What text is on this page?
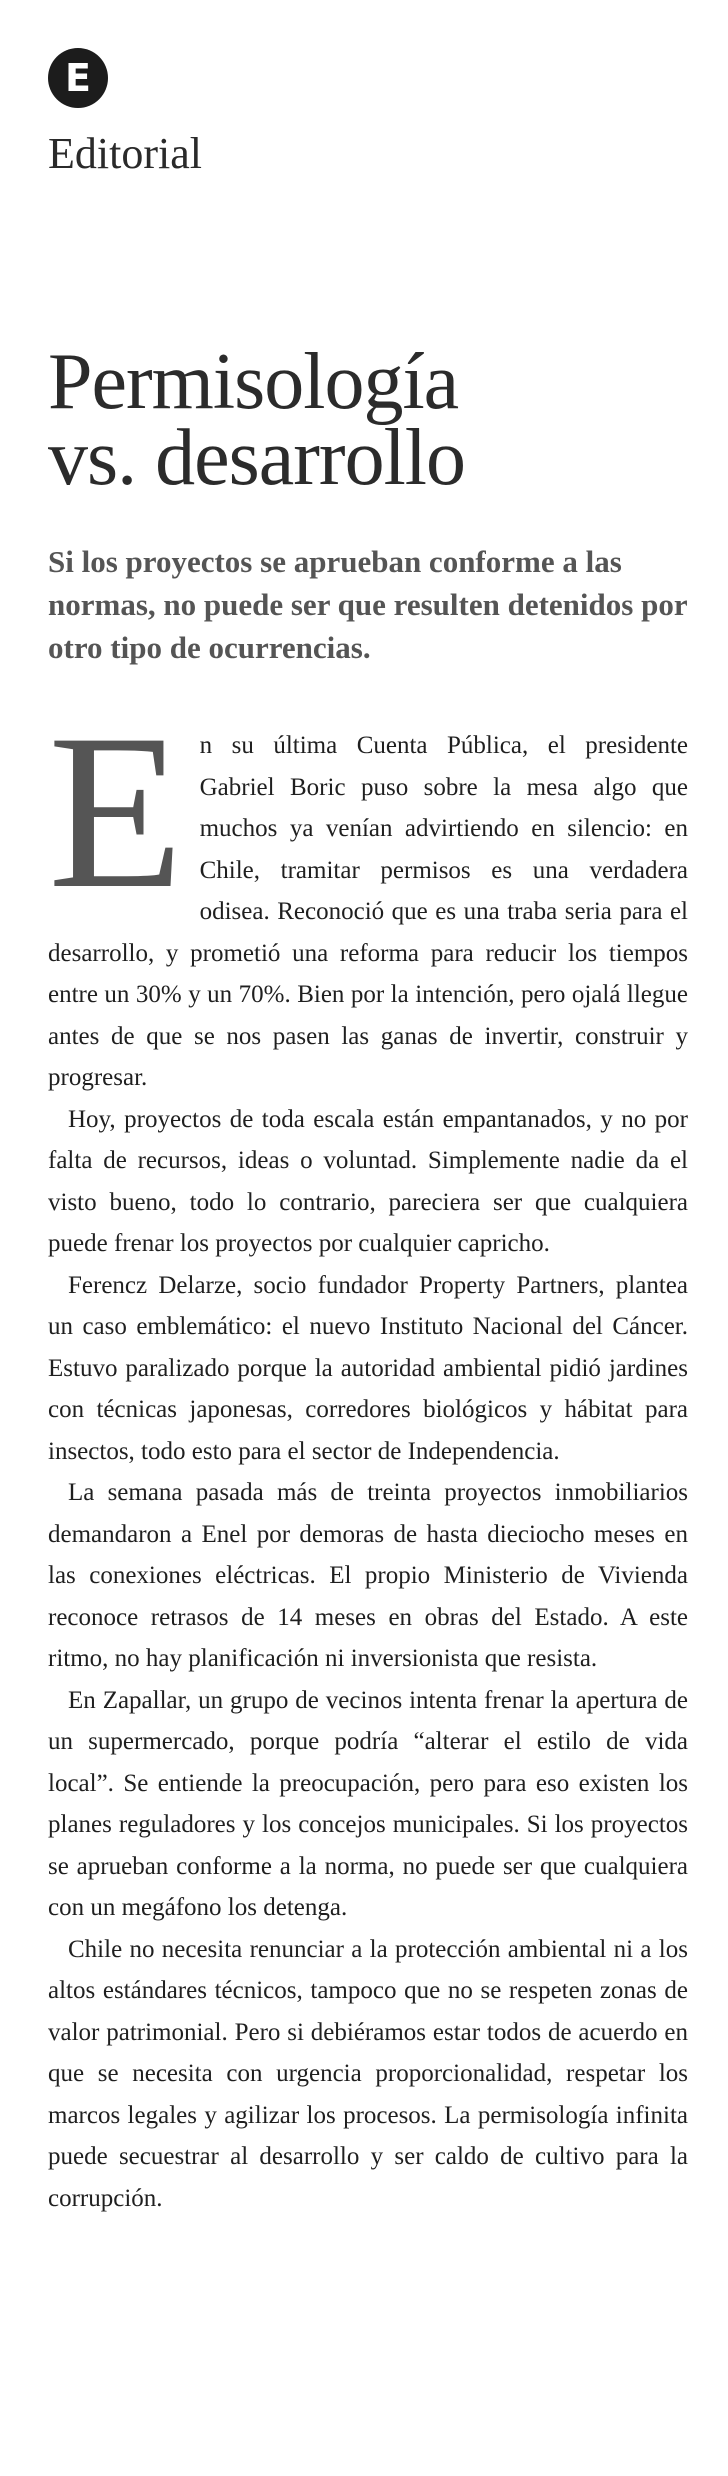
E
Editorial
Permisología
vs. desarrollo
Si los proyectos se aprueban conforme a las normas, no puede ser que resulten detenidos por otro tipo de ocurrencias.

En su última Cuenta Pública, el presidente Gabriel Boric puso sobre la mesa algo que muchos ya venían advirtiendo en silencio: en Chile, tramitar permisos es una verdadera odisea. Reconoció que es una traba seria para el desarrollo, y prometió una reforma para reducir los tiempos entre un 30% y un 70%. Bien por la intención, pero ojalá llegue antes de que se nos pasen las ganas de invertir, construir y progresar.

Hoy, proyectos de toda escala están empantanados, y no por falta de recursos, ideas o voluntad. Simplemente nadie da el visto bueno, todo lo contrario, pareciera ser que cualquiera puede frenar los proyectos por cualquier capricho.

Ferencz Delarze, socio fundador Property Partners, plantea un caso emblemático: el nuevo Instituto Nacional del Cáncer. Estuvo paralizado porque la autoridad ambiental pidió jardines con técnicas japonesas, corredores biológicos y hábitat para insectos, todo esto para el sector de Independencia.

La semana pasada más de treinta proyectos inmobiliarios demandaron a Enel por demoras de hasta dieciocho meses en las conexiones eléctricas. El propio Ministerio de Vivienda reconoce retrasos de 14 meses en obras del Estado. A este ritmo, no hay planificación ni inversionista que resista.

En Zapallar, un grupo de vecinos intenta frenar la apertura de un supermercado, porque podría “alterar el estilo de vida local”. Se entiende la preocupación, pero para eso existen los planes reguladores y los concejos municipales. Si los proyectos se aprueban conforme a la norma, no puede ser que cualquiera con un megáfono los detenga.

Chile no necesita renunciar a la protección ambiental ni a los altos estándares técnicos, tampoco que no se respeten zonas de valor patrimonial. Pero si debiéramos estar todos de acuerdo en que se necesita con urgencia proporcionalidad, respetar los marcos legales y agilizar los procesos. La permisología infinita puede secuestrar al desarrollo y ser caldo de cultivo para la corrupción.
